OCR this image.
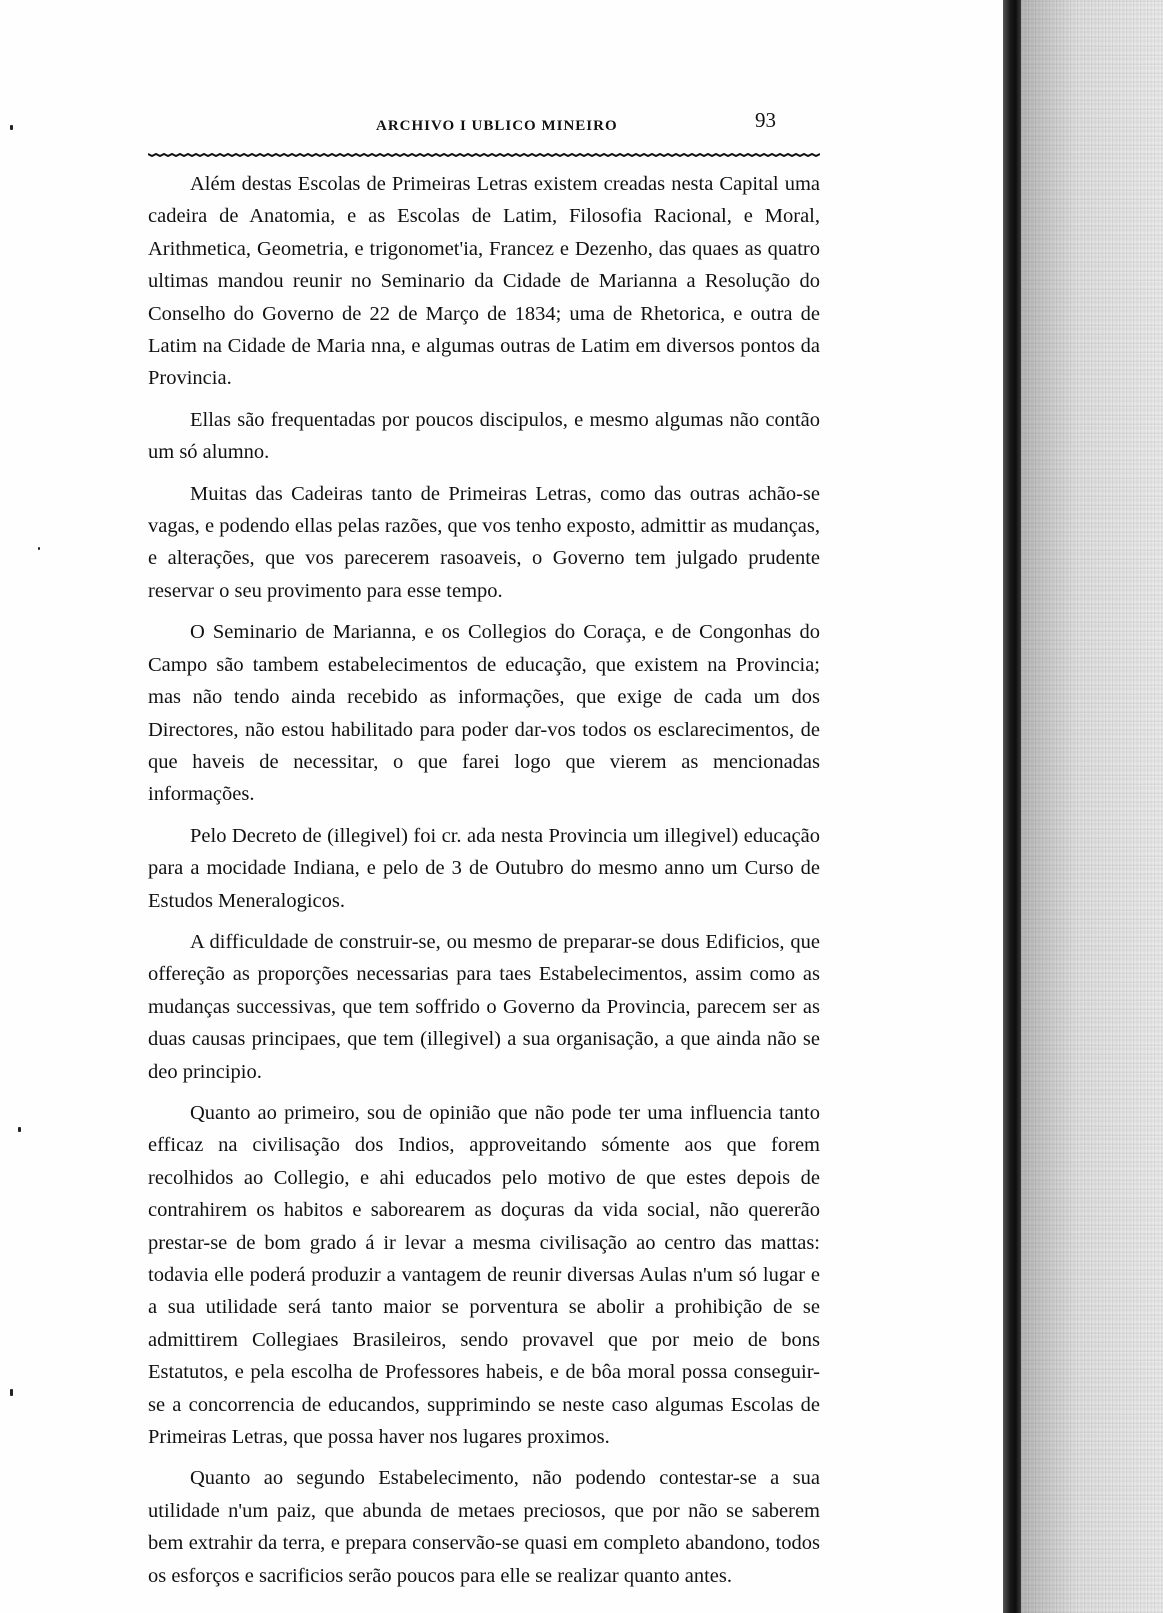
ARCHIVO I UBLICO MINEIRO	93

Além destas Escolas de Primeiras Letras existem creadas nesta Capital uma cadeira de Anatomia, e as Escolas de Latim, Filosofia Racional, e Moral, Arithmetica, Geometria, e trigonomet'ia, Francez e Dezenho, das quaes as quatro ultimas mandou reunir no Seminario da Cidade de Marianna a Resolução do Conselho do Governo de 22 de Março de 1834; uma de Rhetorica, e outra de Latim na Cidade de Maria nna, e algumas outras de Latim em diversos pontos da Provincia.

Ellas são frequentadas por poucos discipulos, e mesmo algumas não contão um só alumno.

Muitas das Cadeiras tanto de Primeiras Letras, como das outras achão-se vagas, e podendo ellas pelas razões, que vos tenho exposto, admittir as mudanças, e alterações, que vos parecerem rasoaveis, o Governo tem julgado prudente reservar o seu provimento para esse tempo.

O Seminario de Marianna, e os Collegios do Coraça, e de Congonhas do Campo são tambem estabelecimentos de educação, que existem na Provincia; mas não tendo ainda recebido as informações, que exige de cada um dos Directores, não estou habilitado para poder dar-vos todos os esclarecimentos, de que haveis de necessitar, o que farei logo que vierem as mencionadas informações.

Pelo Decreto de (illegivel) foi cr. ada nesta Provincia um illegivel) educação para a mocidade Indiana, e pelo de 3 de Outubro do mesmo anno um Curso de Estudos Meneralogicos.

A difficuldade de construir-se, ou mesmo de preparar-se dous Edificios, que offereção as proporções necessarias para taes Estabelecimentos, assim como as mudanças successivas, que tem soffrido o Governo da Provincia, parecem ser as duas causas principaes, que tem (illegivel) a sua organisação, a que ainda não se deo principio.

Quanto ao primeiro, sou de opinião que não pode ter uma influencia tanto efficaz na civilisação dos Indios, approveitando sómente aos que forem recolhidos ao Collegio, e ahi educados pelo motivo de que estes depois de contrahirem os habitos e saborearem as doçuras da vida social, não quererão prestar-se de bom grado á ir levar a mesma civilisação ao centro das mattas: todavia elle poderá produzir a vantagem de reunir diversas Aulas n'um só lugar e a sua utilidade será tanto maior se porventura se abolir a prohibição de se admittirem Collegiaes Brasileiros, sendo provavel que por meio de bons Estatutos, e pela escolha de Professores habeis, e de bôa moral possa conseguir-se a concorrencia de educandos, supprimindo se neste caso algumas Escolas de Primeiras Letras, que possa haver nos lugares proximos.

Quanto ao segundo Estabelecimento, não podendo contestar-se a sua utilidade n'um paiz, que abunda de metaes preciosos, que por não se saberem bem extrahir da terra, e prepara conservão-se quasi em completo abandono, todos os esforços e sacrificios serão poucos para elle se realizar quanto antes.
